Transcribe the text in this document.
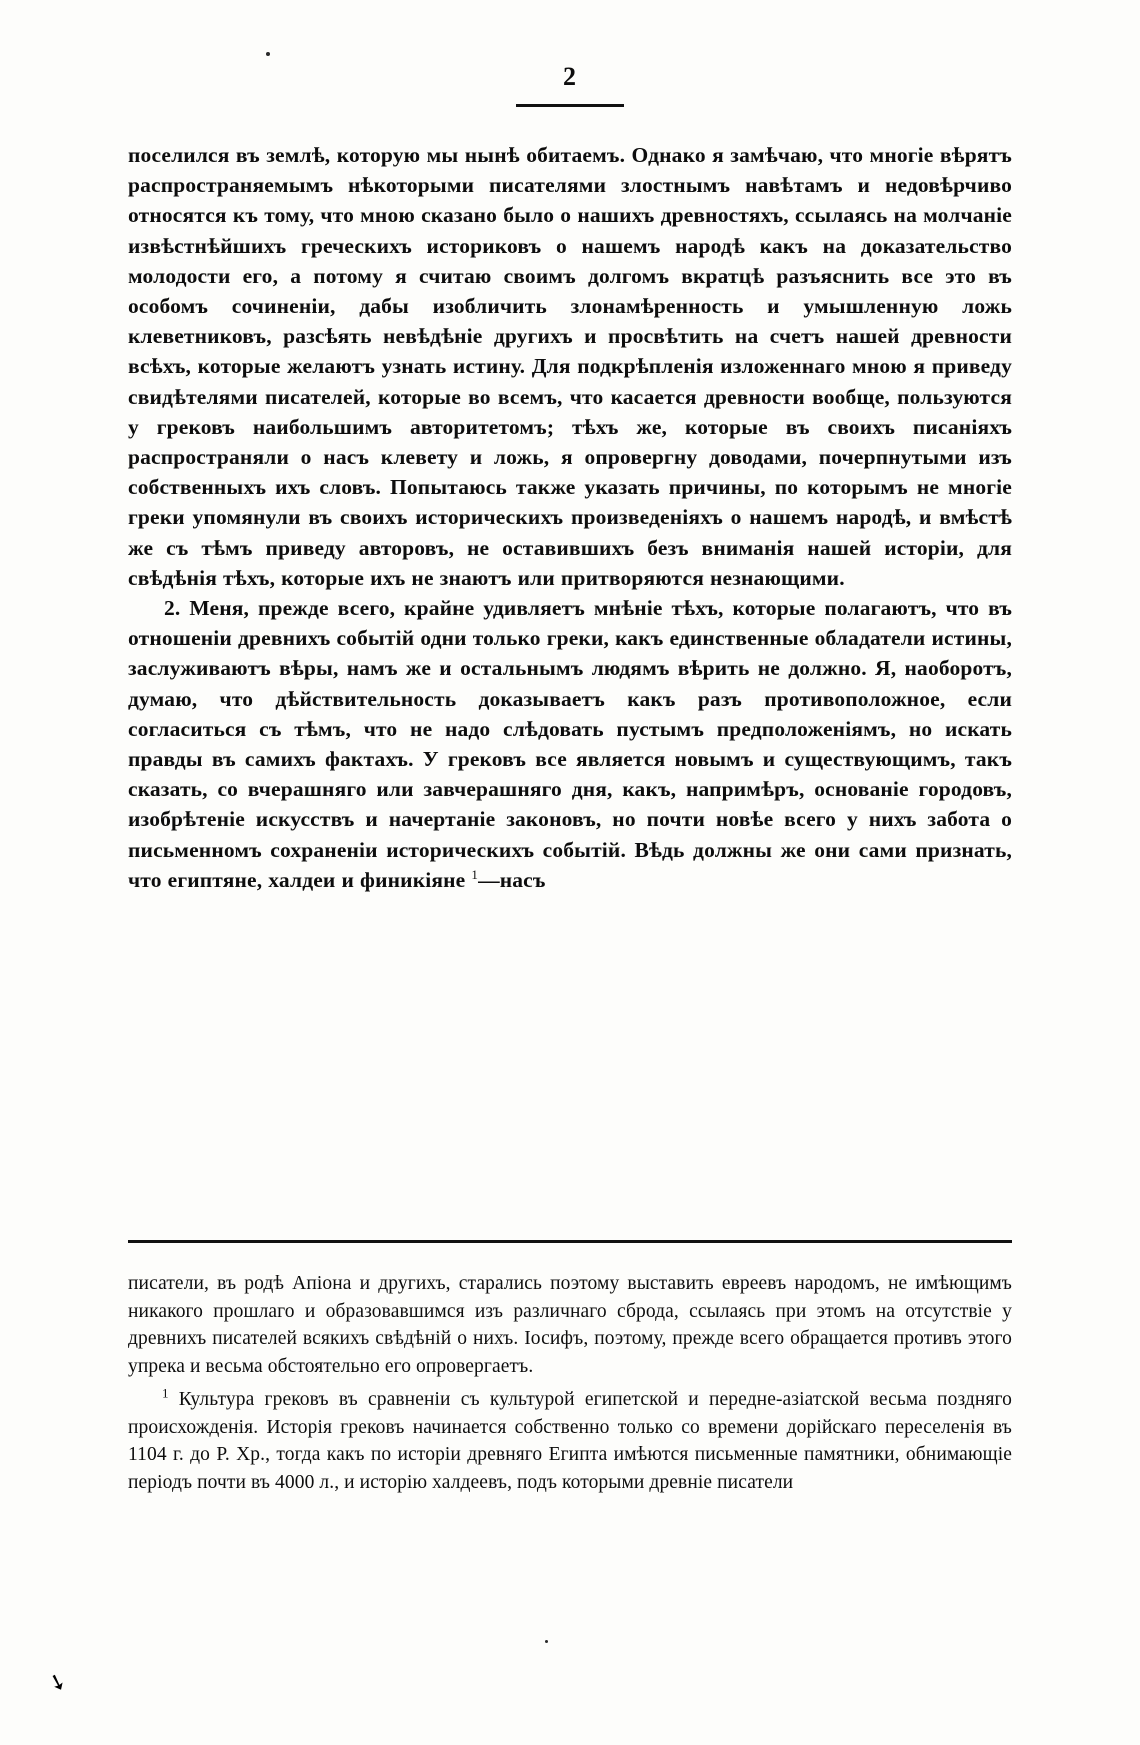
2

поселился въ землѣ, которую мы нынѣ обитаемъ. Однако я замѣчаю, что многіе вѣрятъ распространяемымъ нѣкоторыми писателями злостнымъ навѣтамъ и недовѣрчиво относятся къ тому, что мною сказано было о нашихъ древностяхъ, ссылаясь на молчаніе извѣстнѣйшихъ греческихъ историковъ о нашемъ народѣ какъ на доказательство молодости его, а потому я считаю своимъ долгомъ вкратцѣ разъяснить все это въ особомъ сочиненіи, дабы изобличить злонамѣренность и умышленную ложь клеветниковъ, разсѣять невѣдѣніе другихъ и просвѣтить на счетъ нашей древности всѣхъ, которые желаютъ узнать истину. Для подкрѣпленія изложеннаго мною я приведу свидѣтелями писателей, которые во всемъ, что касается древности вообще, пользуются у грековъ наибольшимъ авторитетомъ; тѣхъ же, которые въ своихъ писаніяхъ распространяли о насъ клевету и ложь, я опровергну доводами, почерпнутыми изъ собственныхъ ихъ словъ. Попытаюсь также указать причины, по которымъ не многіе греки упомянули въ своихъ историческихъ произведеніяхъ о нашемъ народѣ, и вмѣстѣ же съ тѣмъ приведу авторовъ, не оставившихъ безъ вниманія нашей исторіи, для свѣдѣнія тѣхъ, которые ихъ не знаютъ или притворяются незнающими.

2. Меня, прежде всего, крайне удивляетъ мнѣніе тѣхъ, которые полагаютъ, что въ отношеніи древнихъ событій одни только греки, какъ единственные обладатели истины, заслуживаютъ вѣры, намъ же и остальнымъ людямъ вѣрить не должно. Я, наоборотъ, думаю, что дѣйствительность доказываетъ какъ разъ противоположное, если согласиться съ тѣмъ, что не надо слѣдовать пустымъ предположеніямъ, но искать правды въ самихъ фактахъ. У грековъ все является новымъ и существующимъ, такъ сказать, со вчерашняго или завчерашняго дня, какъ, напримѣръ, основаніе городовъ, изобрѣтеніе искусствъ и начертаніе законовъ, но почти новѣе всего у нихъ забота о письменномъ сохраненіи историческихъ событій. Вѣдь должны же они сами признать, что египтяне, халдеи и финикіяне $^1$—насъ

писатели, въ родѣ Апіона и другихъ, старались поэтому выставить евреевъ народомъ, не имѣющимъ никакого прошлаго и образовавшимся изъ различнаго сброда, ссылаясь при этомъ на отсутствіе у древнихъ писателей всякихъ свѣдѣній о нихъ. Іосифъ, поэтому, прежде всего обращается противъ этого упрека и весьма обстоятельно его опровергаетъ.

$^1$ Культура грековъ въ сравненіи съ культурой египетской и передне-азіатской весьма поздняго происхожденія. Исторія грековъ начинается собственно только со времени дорійскаго переселенія въ 1104 г. до Р. Хр., тогда какъ по исторіи древняго Египта имѣются письменные памятники, обнимающіе періодъ почти въ 4000 л., и исторію халдеевъ, подъ которыми древніе писатели

➘
